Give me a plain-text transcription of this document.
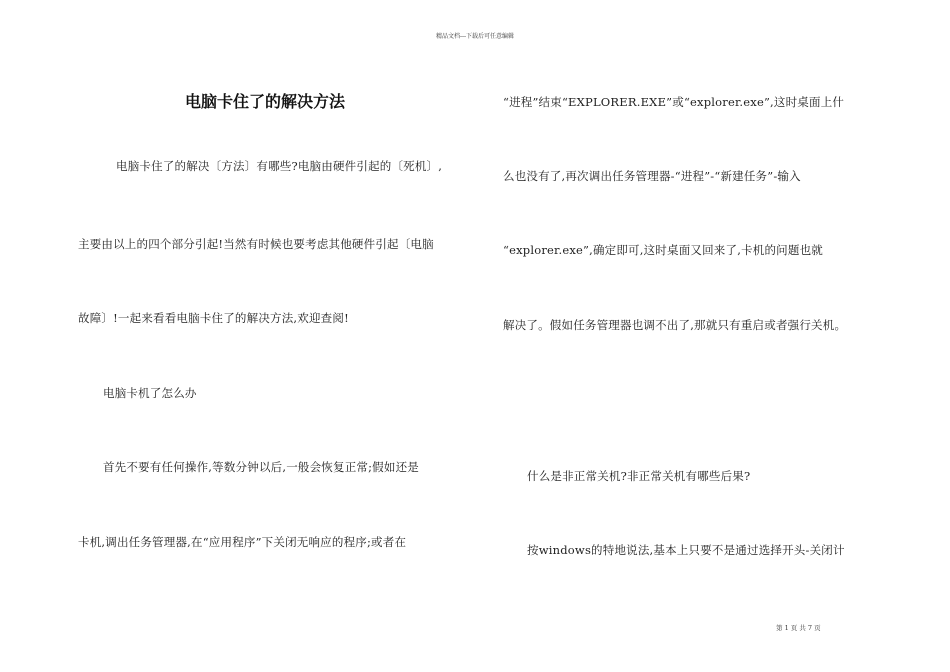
精品文档---下载后可任意编辑
电脑卡住了的解决方法
电脑卡住了的解决〔方法〕有哪些?电脑由硬件引起的〔死机〕,
主要由以上的四个部分引起!当然有时候也要考虑其他硬件引起〔电脑
故障〕!一起来看看电脑卡住了的解决方法,欢迎查阅!
电脑卡机了怎么办
首先不要有任何操作,等数分钟以后,一般会恢复正常;假如还是
卡机,调出任务管理器,在“应用程序”下关闭无响应的程序;或者在
“进程”结束“EXPLORER.EXE”或“explorer.exe”,这时桌面上什
么也没有了,再次调出任务管理器-“进程”-“新建任务”-输入
“explorer.exe”,确定即可,这时桌面又回来了,卡机的问题也就
解决了。假如任务管理器也调不出了,那就只有重启或者强行关机。
什么是非正常关机?非正常关机有哪些后果?
按windows的特地说法,基本上只要不是通过选择开头-关闭计
第 1 页 共 7 页
